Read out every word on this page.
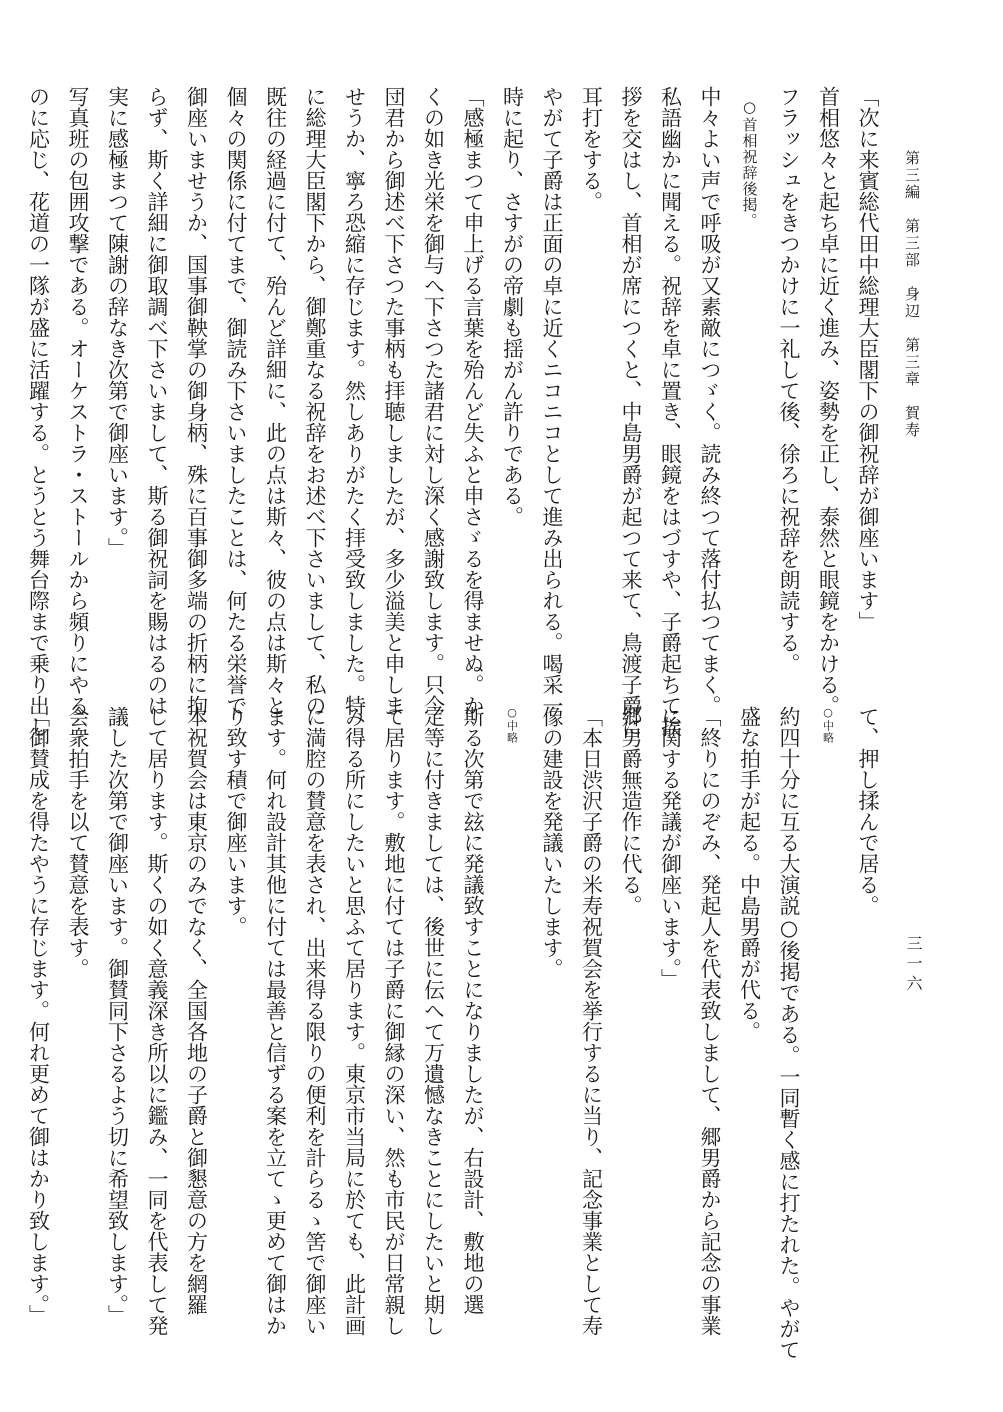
第三編　第三部　身辺　第三章　賀寿
三一六

「次に来賓総代田中総理大臣閣下の御祝辞が御座います」

首相悠々と起ち卓に近く進み、姿勢を正し、泰然と眼鏡をかける。

フラッシュをきつかけに一礼して後、徐ろに祝辞を朗読する。

○首相祝辞後掲。

中々よい声で呼吸が又素敵につゞく。読み終つて落付払つてまく。

私語幽かに聞える。祝辞を卓に置き、眼鏡をはづすや、子爵起ちて挨

拶を交はし、首相が席につくと、中島男爵が起つて来て、鳥渡子爵に

耳打をする。

やがて子爵は正面の卓に近くニコニコとして進み出られる。喝采一

時に起り、さすがの帝劇も揺がん許りである。

「感極まつて申上げる言葉を殆んど失ふと申さゞるを得ませぬ。か

くの如き光栄を御与へ下さつた諸君に対し深く感謝致します。只今

団君から御述べ下さつた事柄も拝聴しましたが、多少溢美と申しま

せうか、寧ろ恐縮に存じます。然しありがたく拝受致しました。特

に総理大臣閣下から、御鄭重なる祝辞をお述べ下さいまして、私の

既往の経過に付て、殆んど詳細に、此の点は斯々、彼の点は斯々と

個々の関係に付てまで、御読み下さいましたことは、何たる栄誉で

御座いませうか、国事御鞅掌の御身柄、殊に百事御多端の折柄に拘

らず、斯く詳細に御取調べ下さいまして、斯る御祝詞を賜はるのは

実に感極まつて陳謝の辞なき次第で御座います。」

写真班の包囲攻撃である。オーケストラ・ストールから頻りにやる

のに応じ、花道の一隊が盛に活躍する。とうとう舞台際まで乗り出し

て、押し揉んで居る。

○中略

約四十分に互る大演説○後掲である。一同暫く感に打たれた。やがて

盛な拍手が起る。中島男爵が代る。

「終りにのぞみ、発起人を代表致しまして、郷男爵から記念の事業

に関する発議が御座います。」

郷男爵無造作に代る。

「本日渋沢子爵の米寿祝賀会を挙行するに当り、記念事業として寿

像の建設を発議いたします。

○中略

斯る次第で玆に発議致すことになりましたが、右設計、敷地の選

定等に付きましては、後世に伝へて万遺憾なきことにしたいと期し

て居ります。敷地に付ては子爵に御縁の深い、然も市民が日常親し

み得る所にしたいと思ふて居ります。東京市当局に於ても、此計画

に満腔の賛意を表され、出来得る限りの便利を計らるゝ筈で御座い

ます。何れ設計其他に付ては最善と信ずる案を立てゝ更めて御はか

り致す積で御座います。

本祝賀会は東京のみでなく、全国各地の子爵と御懇意の方を網羅

して居ります。斯くの如く意義深き所以に鑑み、一同を代表して発

議した次第で御座います。御賛同下さるよう切に希望致します。」

会衆拍手を以て賛意を表す。

「御賛成を得たやうに存じます。何れ更めて御はかり致します。」
